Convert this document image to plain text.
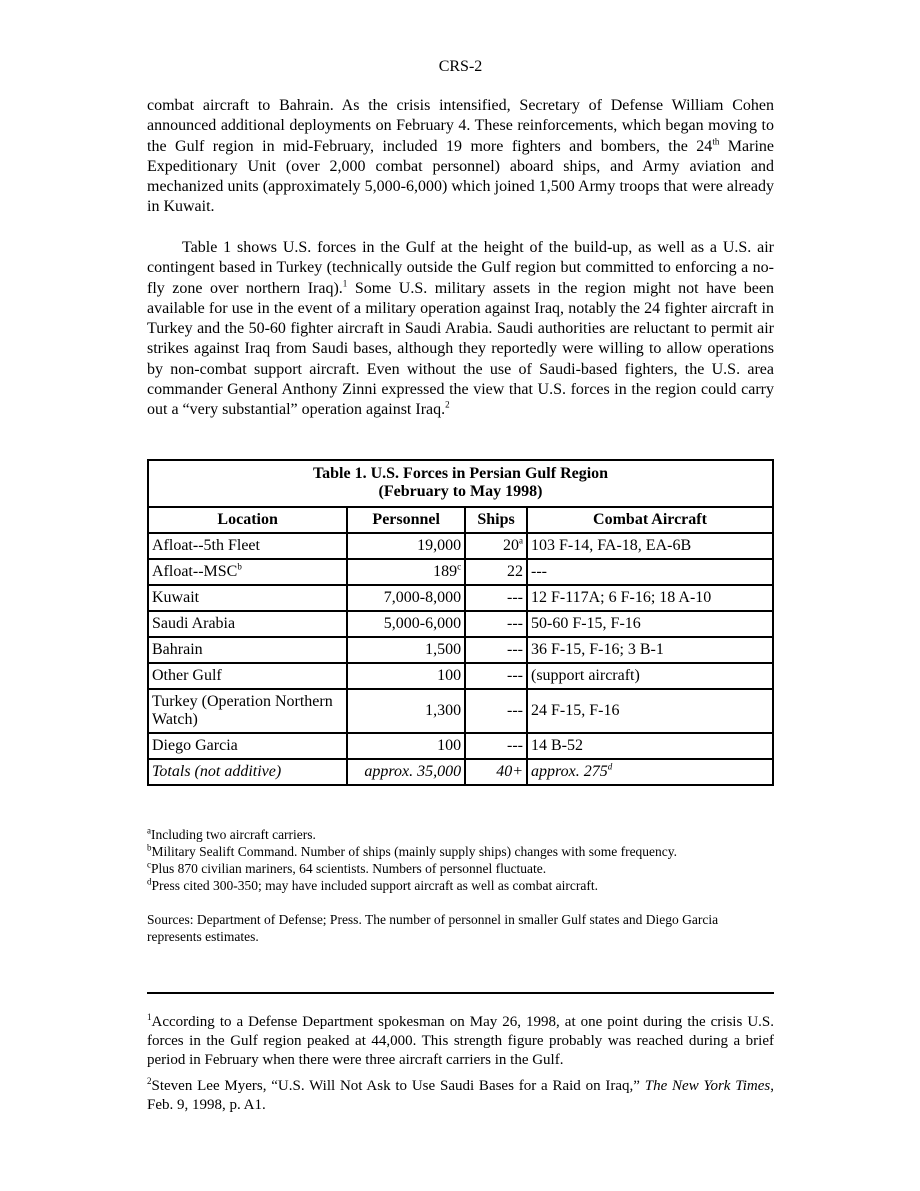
CRS-2
combat aircraft to Bahrain. As the crisis intensified, Secretary of Defense William Cohen announced additional deployments on February 4. These reinforcements, which began moving to the Gulf region in mid-February, included 19 more fighters and bombers, the 24th Marine Expeditionary Unit (over 2,000 combat personnel) aboard ships, and Army aviation and mechanized units (approximately 5,000-6,000) which joined 1,500 Army troops that were already in Kuwait.
Table 1 shows U.S. forces in the Gulf at the height of the build-up, as well as a U.S. air contingent based in Turkey (technically outside the Gulf region but committed to enforcing a no-fly zone over northern Iraq).$^1$ Some U.S. military assets in the region might not have been available for use in the event of a military operation against Iraq, notably the 24 fighter aircraft in Turkey and the 50-60 fighter aircraft in Saudi Arabia. Saudi authorities are reluctant to permit air strikes against Iraq from Saudi bases, although they reportedly were willing to allow operations by non-combat support aircraft. Even without the use of Saudi-based fighters, the U.S. area commander General Anthony Zinni expressed the view that U.S. forces in the region could carry out a “very substantial” operation against Iraq.$^2$
Table 1. U.S. Forces in Persian Gulf Region
(February to May 1998)			

Location	Personnel	Ships	Combat Aircraft
Afloat--5th Fleet	19,000	20$^a$	103 F-14, FA-18, EA-6B
Afloat--MSC$^b$	189$^c$	22	---
Kuwait	7,000-8,000	---	12 F-117A; 6 F-16; 18 A-10
Saudi Arabia	5,000-6,000	---	50-60 F-15, F-16
Bahrain	1,500	---	36 F-15, F-16; 3 B-1
Other Gulf	100	---	(support aircraft)
Turkey (Operation Northern Watch)	1,300	---	24 F-15, F-16
Diego Garcia	100	---	14 B-52
Totals (not additive)	approx. 35,000	40+	approx. 275$^d$
$^a$Including two aircraft carriers.
$^b$Military Sealift Command. Number of ships (mainly supply ships) changes with some frequency.
$^c$Plus 870 civilian mariners, 64 scientists. Numbers of personnel fluctuate.
$^d$Press cited 300-350; may have included support aircraft as well as combat aircraft.
Sources: Department of Defense; Press. The number of personnel in smaller Gulf states and Diego Garcia represents estimates.
$^1$According to a Defense Department spokesman on May 26, 1998, at one point during the crisis U.S. forces in the Gulf region peaked at 44,000. This strength figure probably was reached during a brief period in February when there were three aircraft carriers in the Gulf.
$^2$Steven Lee Myers, “U.S. Will Not Ask to Use Saudi Bases for a Raid on Iraq,” The New York Times, Feb. 9, 1998, p. A1.
